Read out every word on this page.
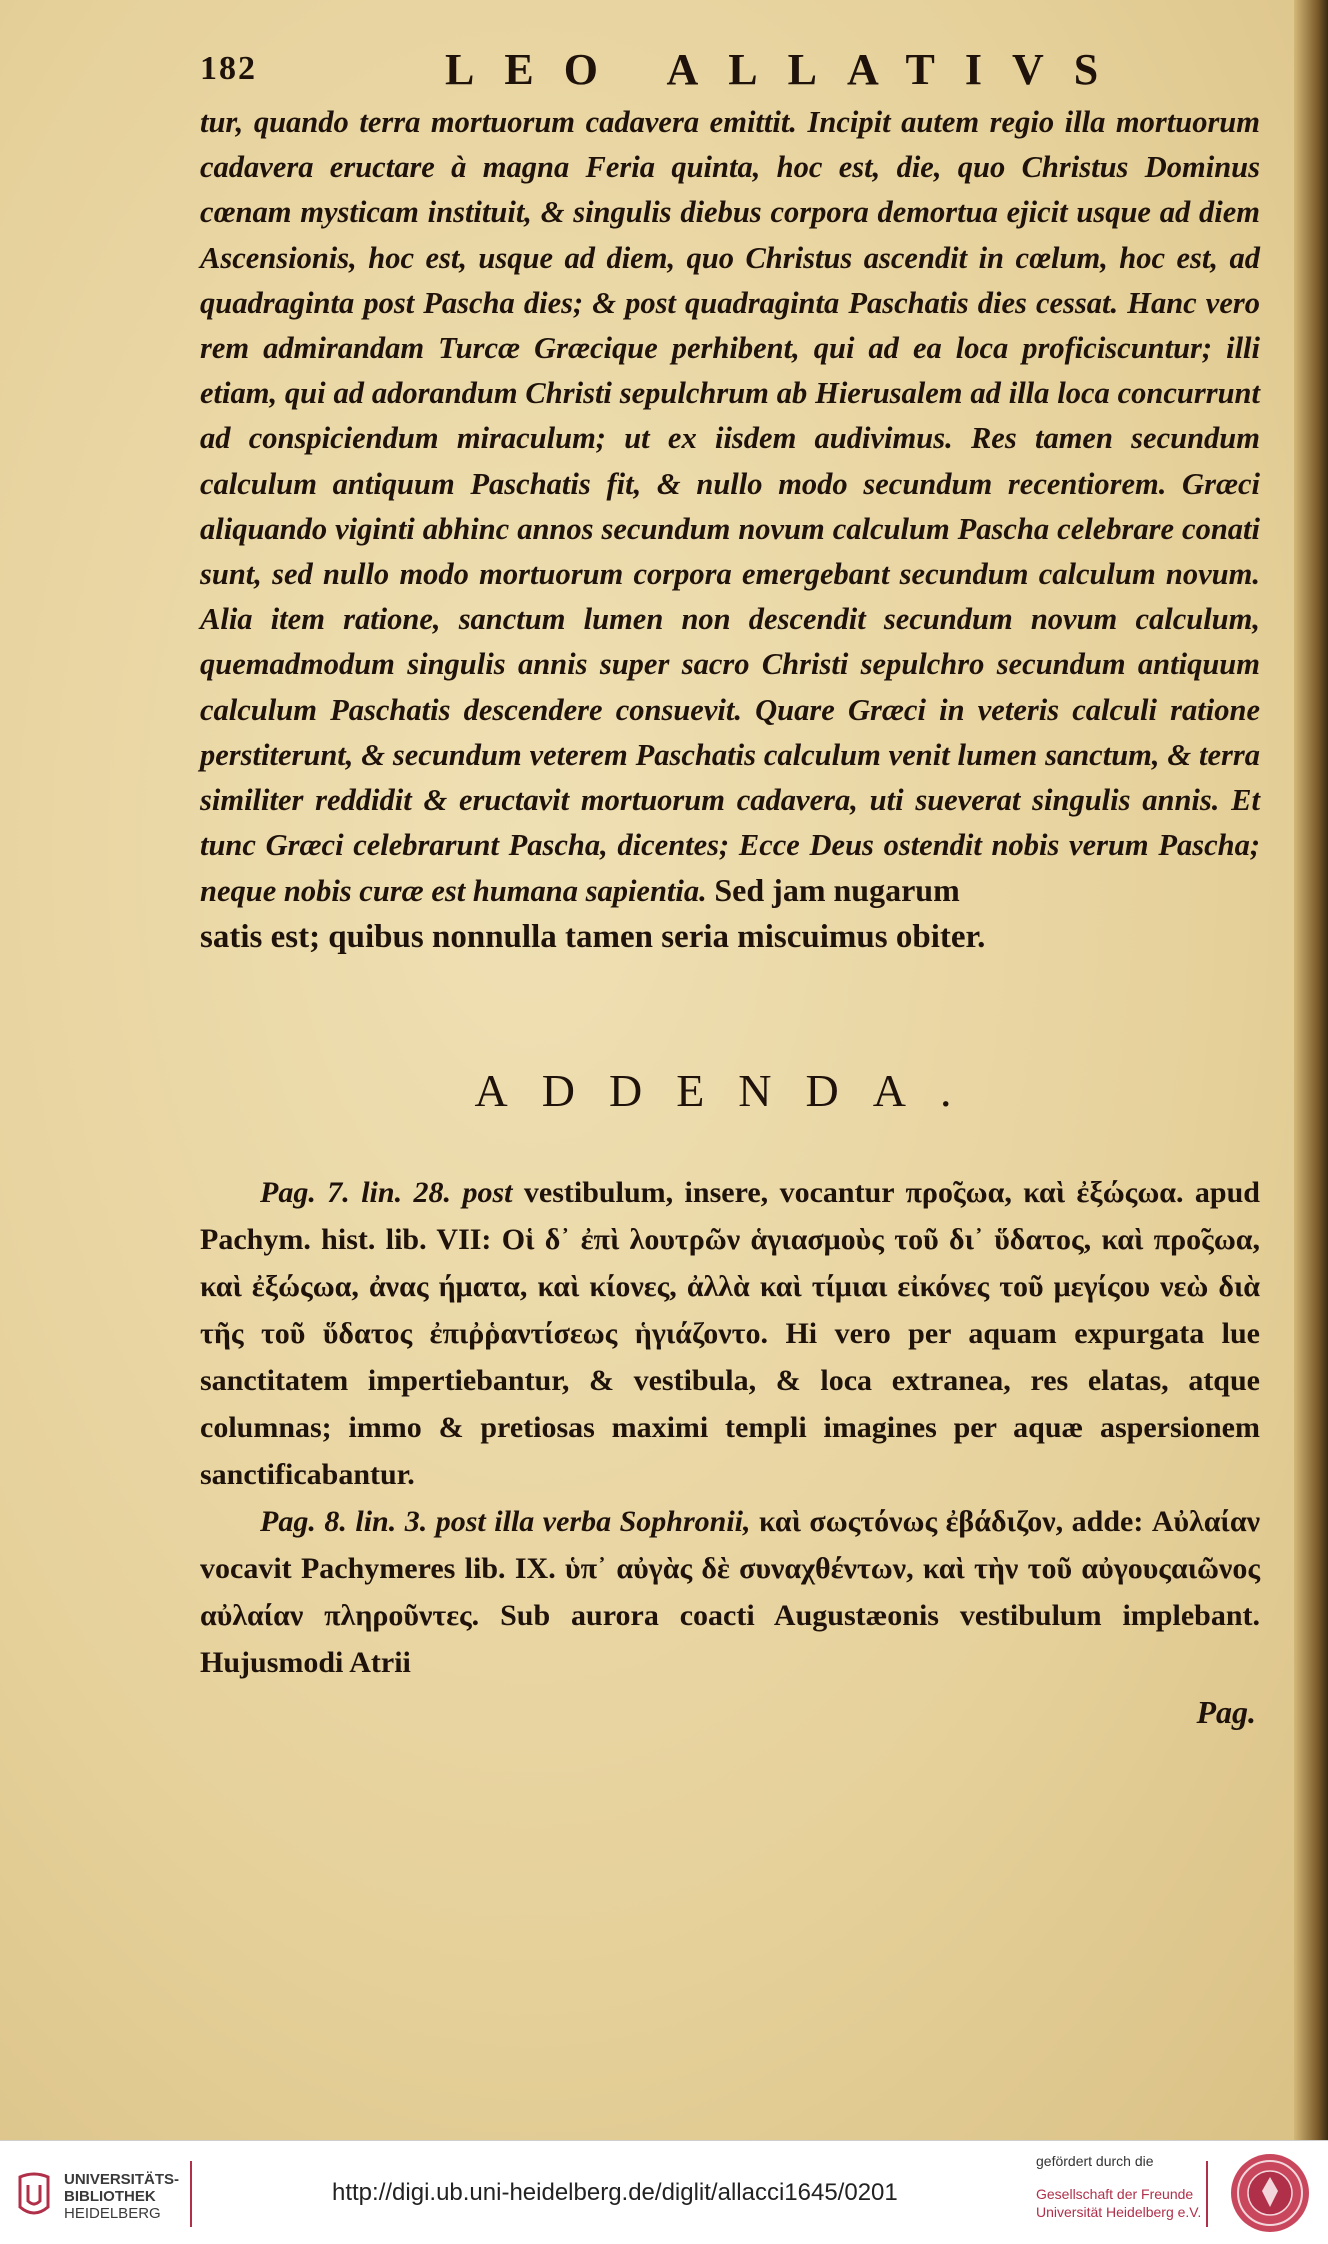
182	LEO ALLATIVS

tur, quando terra mortuorum cadavera emittit. Incipit autem regio illa mortuorum cadavera eructare à magna Feria quinta, hoc est, die, quo Christus Dominus cœnam mysticam instituit, & singulis diebus corpora demortua ejicit usque ad diem Ascensionis, hoc est, usque ad diem, quo Christus ascendit in cœlum, hoc est, ad quadraginta post Pascha dies; & post quadraginta Paschatis dies cessat. Hanc vero rem admirandam Turcæ Græcique perhibent, qui ad ea loca proficiscuntur; illi etiam, qui ad adorandum Christi sepulchrum ab Hierusalem ad illa loca concurrunt ad conspiciendum miraculum; ut ex iisdem audivimus. Res tamen secundum calculum antiquum Paschatis fit, & nullo modo secundum recentiorem. Græci aliquando viginti abhinc annos secundum novum calculum Pascha celebrare conati sunt, sed nullo modo mortuorum corpora emergebant secundum calculum novum. Alia item ratione, sanctum lumen non descendit secundum novum calculum, quemadmodum singulis annis super sacro Christi sepulchro secundum antiquum calculum Paschatis descendere consuevit. Quare Græci in veteris calculi ratione perstiterunt, & secundum veterem Paschatis calculum venit lumen sanctum, & terra similiter reddidit & eructavit mortuorum cadavera, uti sueverat singulis annis. Et tunc Græci celebrarunt Pascha, dicentes; Ecce Deus ostendit nobis verum Pascha; neque nobis curæ est humana sapientia. Sed jam nugarum

satis est; quibus nonnulla tamen seria miscuimus obiter.

ADDENDA.

Pag. 7. lin. 28. post vestibulum, insere, vocantur προ̃ςωα, καὶ ἐξώςωα. apud Pachym. hist. lib. VII: Οἱ δ᾽ ἐπὶ λουτρῶν ἁγιασμοὺς τοῦ δι᾽ ὕδατος, καὶ προ̃ςωα, καὶ ἐξώςωα, ἀνας ήματα, καὶ κίονες, ἀλλὰ καὶ τίμιαι εἰκόνες τοῦ μεγίςου νεὼ διὰ τῆς τοῦ ὕδατος ἐπιῤῥαντίσεως ἡγιάζοντο. Hi vero per aquam expurgata lue sanctitatem impertiebantur, & vestibula, & loca extranea, res elatas, atque columnas; immo & pretiosas maximi templi imagines per aquæ aspersionem sanctificabantur.

Pag. 8. lin. 3. post illa verba Sophronii, καὶ σωςτόνως ἐβάδιζον, adde: Αὐλαίαν vocavit Pachymeres lib. IX. ὑπ᾽ αὐγὰς δὲ συναχθέντων, καὶ τὴν τοῦ αὐγουςαιῶνος αὐλαίαν πληροῦντες. Sub aurora coacti Augustæonis vestibulum implebant. Hujusmodi Atrii

Pag.
UNIVERSITÄTS-
BIBLIOTHEK
HEIDELBERG
http://digi.ub.uni-heidelberg.de/diglit/allacci1645/0201
gefördert durch die
Gesellschaft der Freunde
Universität Heidelberg e.V.
